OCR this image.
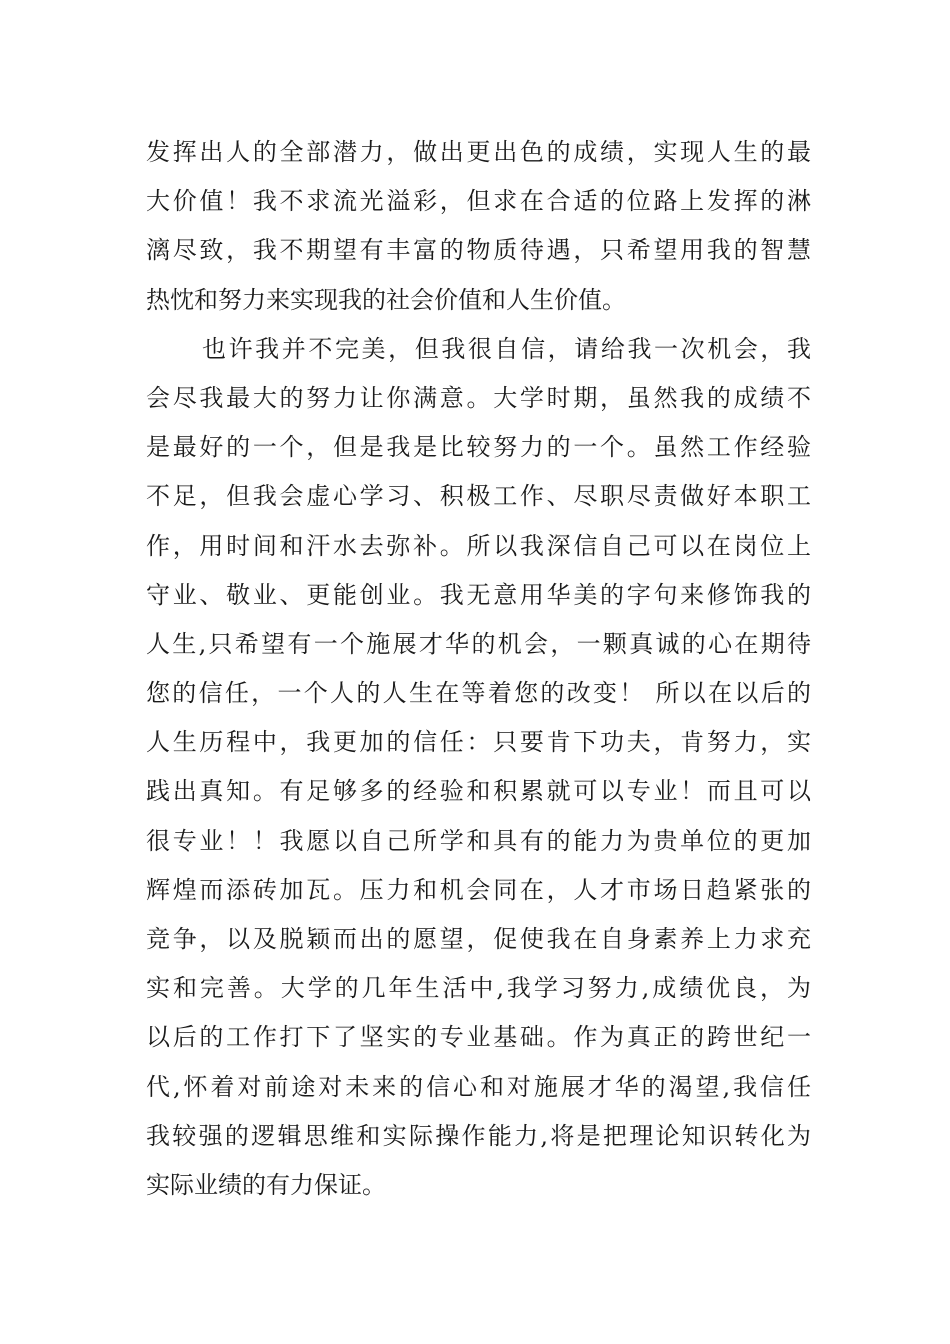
发挥出人的全部潜力，做出更出色的成绩，实现人生的最
大价值！我不求流光溢彩，但求在合适的位路上发挥的淋
漓尽致，我不期望有丰富的物质待遇，只希望用我的智慧
热忱和努力来实现我的社会价值和人生价值。
也许我并不完美，但我很自信，请给我一次机会，我
会尽我最大的努力让你满意。大学时期，虽然我的成绩不
是最好的一个，但是我是比较努力的一个。虽然工作经验
不足，但我会虚心学习、积极工作、尽职尽责做好本职工
作，用时间和汗水去弥补。所以我深信自己可以在岗位上
守业、敬业、更能创业。我无意用华美的字句来修饰我的
人生,只希望有一个施展才华的机会，一颗真诚的心在期待
您的信任，一个人的人生在等着您的改变！ 所以在以后的
人生历程中，我更加的信任：只要肯下功夫，肯努力，实
践出真知。有足够多的经验和积累就可以专业！而且可以
很专业！！我愿以自己所学和具有的能力为贵单位的更加
辉煌而添砖加瓦。压力和机会同在，人才市场日趋紧张的
竞争，以及脱颖而出的愿望，促使我在自身素养上力求充
实和完善。大学的几年生活中,我学习努力,成绩优良，为
以后的工作打下了坚实的专业基础。作为真正的跨世纪一
代,怀着对前途对未来的信心和对施展才华的渴望,我信任
我较强的逻辑思维和实际操作能力,将是把理论知识转化为
实际业绩的有力保证。
